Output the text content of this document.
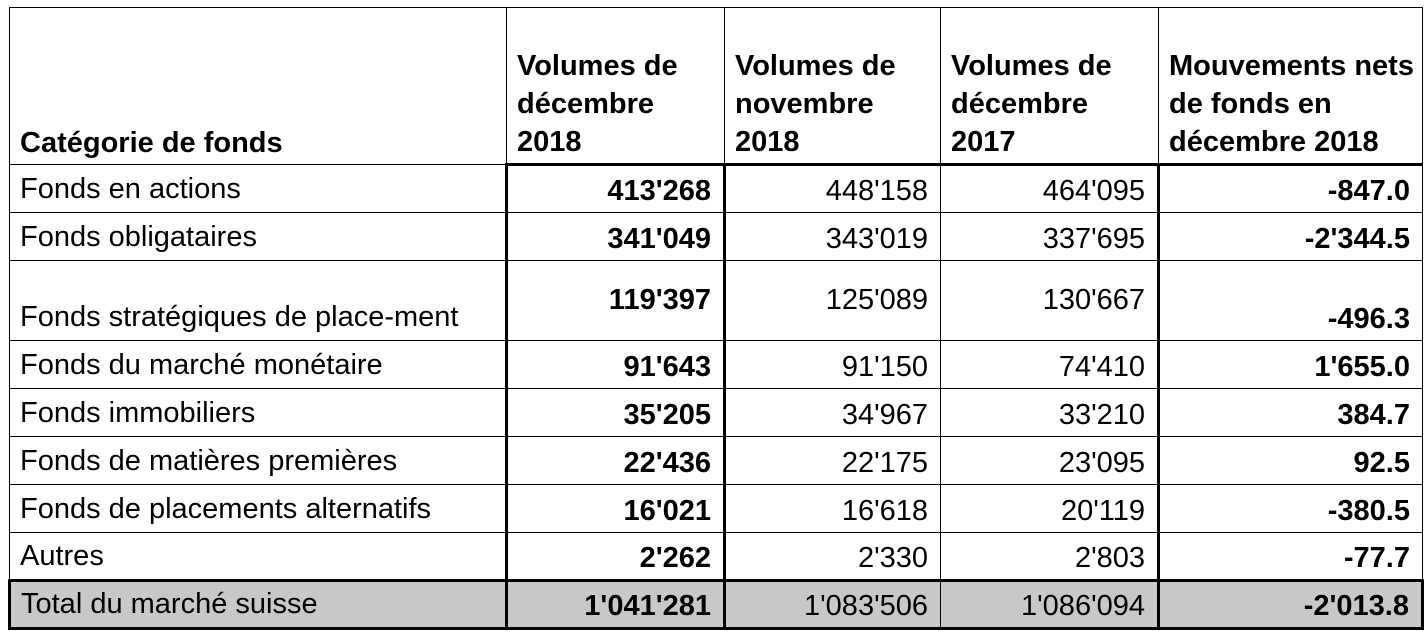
Catégorie de fonds	Volumes de décembre 2018	Volumes de novembre 2018	Volumes de décembre 2017	Mouvements nets de fonds en décembre 2018
Fonds en actions	413'268	448'158	464'095	-847.0
Fonds obligataires	341'049	343'019	337'695	-2'344.5
Fonds stratégiques de place-ment	119'397	125'089	130'667	-496.3
Fonds du marché monétaire	91'643	91'150	74'410	1'655.0
Fonds immobiliers	35'205	34'967	33'210	384.7
Fonds de matières premières	22'436	22'175	23'095	92.5
Fonds de placements alternatifs	16'021	16'618	20'119	-380.5
Autres	2'262	2'330	2'803	-77.7
Total du marché suisse	1'041'281	1'083'506	1'086'094	-2'013.8
